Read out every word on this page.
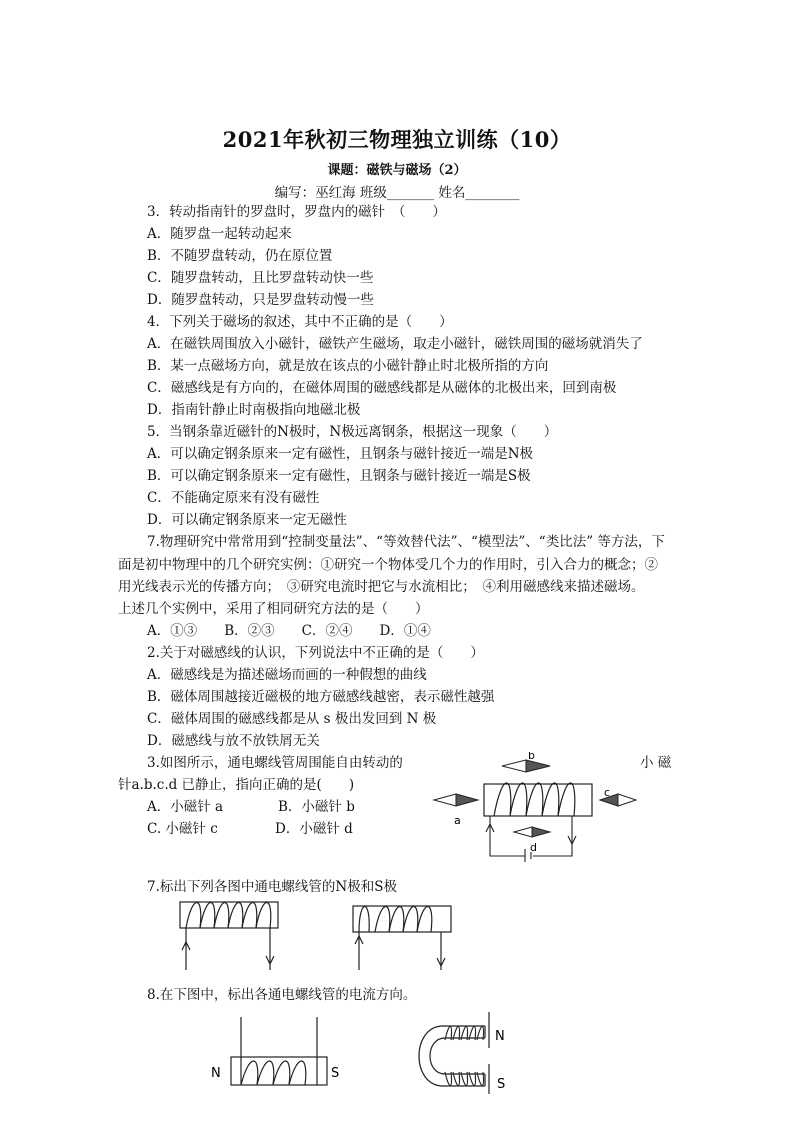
2021年秋初三物理独立训练（10）
课题：磁铁与磁场（2）
编写：巫红海 班级_______ 姓名________
3．转动指南针的罗盘时，罗盘内的磁针　（　　）
A．随罗盘一起转动起来
B．不随罗盘转动，仍在原位置
C．随罗盘转动，且比罗盘转动快一些
D．随罗盘转动，只是罗盘转动慢一些
4．下列关于磁场的叙述，其中不正确的是（　　）
A．在磁铁周围放入小磁针，磁铁产生磁场，取走小磁针，磁铁周围的磁场就消失了
B．某一点磁场方向，就是放在该点的小磁针静止时北极所指的方向
C．磁感线是有方向的，在磁体周围的磁感线都是从磁体的北极出来，回到南极
D．指南针静止时南极指向地磁北极
5．当钢条靠近磁针的N极时，N极远离钢条，根据这一现象（　　）
A．可以确定钢条原来一定有磁性，且钢条与磁针接近一端是N极
B．可以确定钢条原来一定有磁性，且钢条与磁针接近一端是S极
C．不能确定原来有没有磁性
D．可以确定钢条原来一定无磁性
7.物理研究中常常用到“控制变量法”、“等效替代法”、“模型法”、“类比法” 等方法，下
面是初中物理中的几个研究实例：①研究一个物体受几个力的作用时，引入合力的概念；②
用光线表示光的传播方向；　③研究电流时把它与水流相比；　④利用磁感线来描述磁场。
上述几个实例中，采用了相同研究方法的是（　　）
A．①③　　B．②③　　C．②④　　D．①④
2.关于对磁感线的认识，下列说法中不正确的是（　　）
A．磁感线是为描述磁场而画的一种假想的曲线
B．磁体周围越接近磁极的地方磁感线越密，表示磁性越强
C．磁体周围的磁感线都是从 s 极出发回到 N 极
D．磁感线与放不放铁屑无关
3.如图所示，通电螺线管周围能自由转动的	小 磁
针a.b.c.d 已静止，指向正确的是(　　)
A．小磁针 a	B．小磁针 b
C. 小磁针 c	D．小磁针 d
b
a
c
d
7.标出下列各图中通电螺线管的N极和S极
8.在下图中，标出各通电螺线管的电流方向。
N	S
N
S
